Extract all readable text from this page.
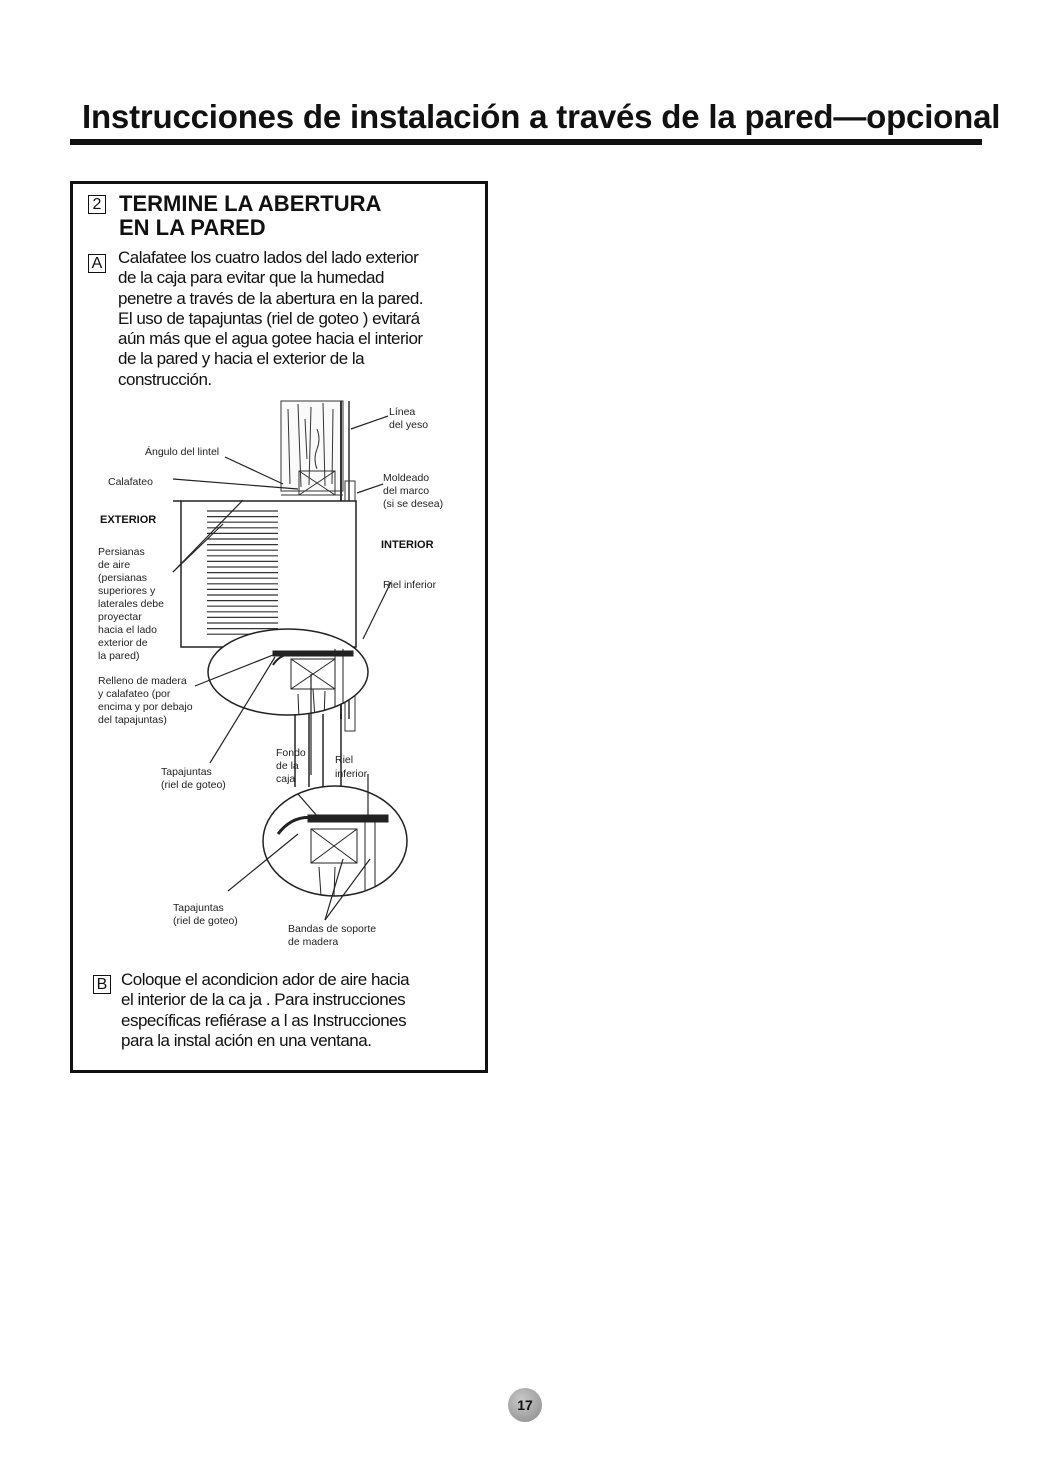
Instrucciones de instalación a través de la pared—opcional
2 TERMINE LA ABERTURA
EN LA PARED
A Calafatee los cuatro lados del lado exterior
de la caja para evitar que la humedad
penetre a través de la abertura en la pared.
El uso de tapajuntas (riel de goteo ) evitará
aún más que el agua gotee hacia el interior
de la pared y hacia el exterior de la
construcción.
Línea
del yeso
Ángulo del lintel
Calafateo	Moldeado
del marco
(si se desea)
EXTERIOR
INTERIOR
Riel inferior
Persianas
de aire
(persianas
superiores y
laterales debe
proyectar
hacia el lado
exterior de
la pared)
Relleno de madera
y calafateo (por
encima y por debajo
del tapajuntas)
Fondo
de la
caja
Riel
inferior
Tapajuntas
(riel de goteo)
Tapajuntas
(riel de goteo)
Bandas de soporte
de madera
B Coloque el acondicion ador de aire hacia
el interior de la ca ja . Para instrucciones
específicas refiérase a l as Instrucciones
para la instal ación en una ventana.
17
